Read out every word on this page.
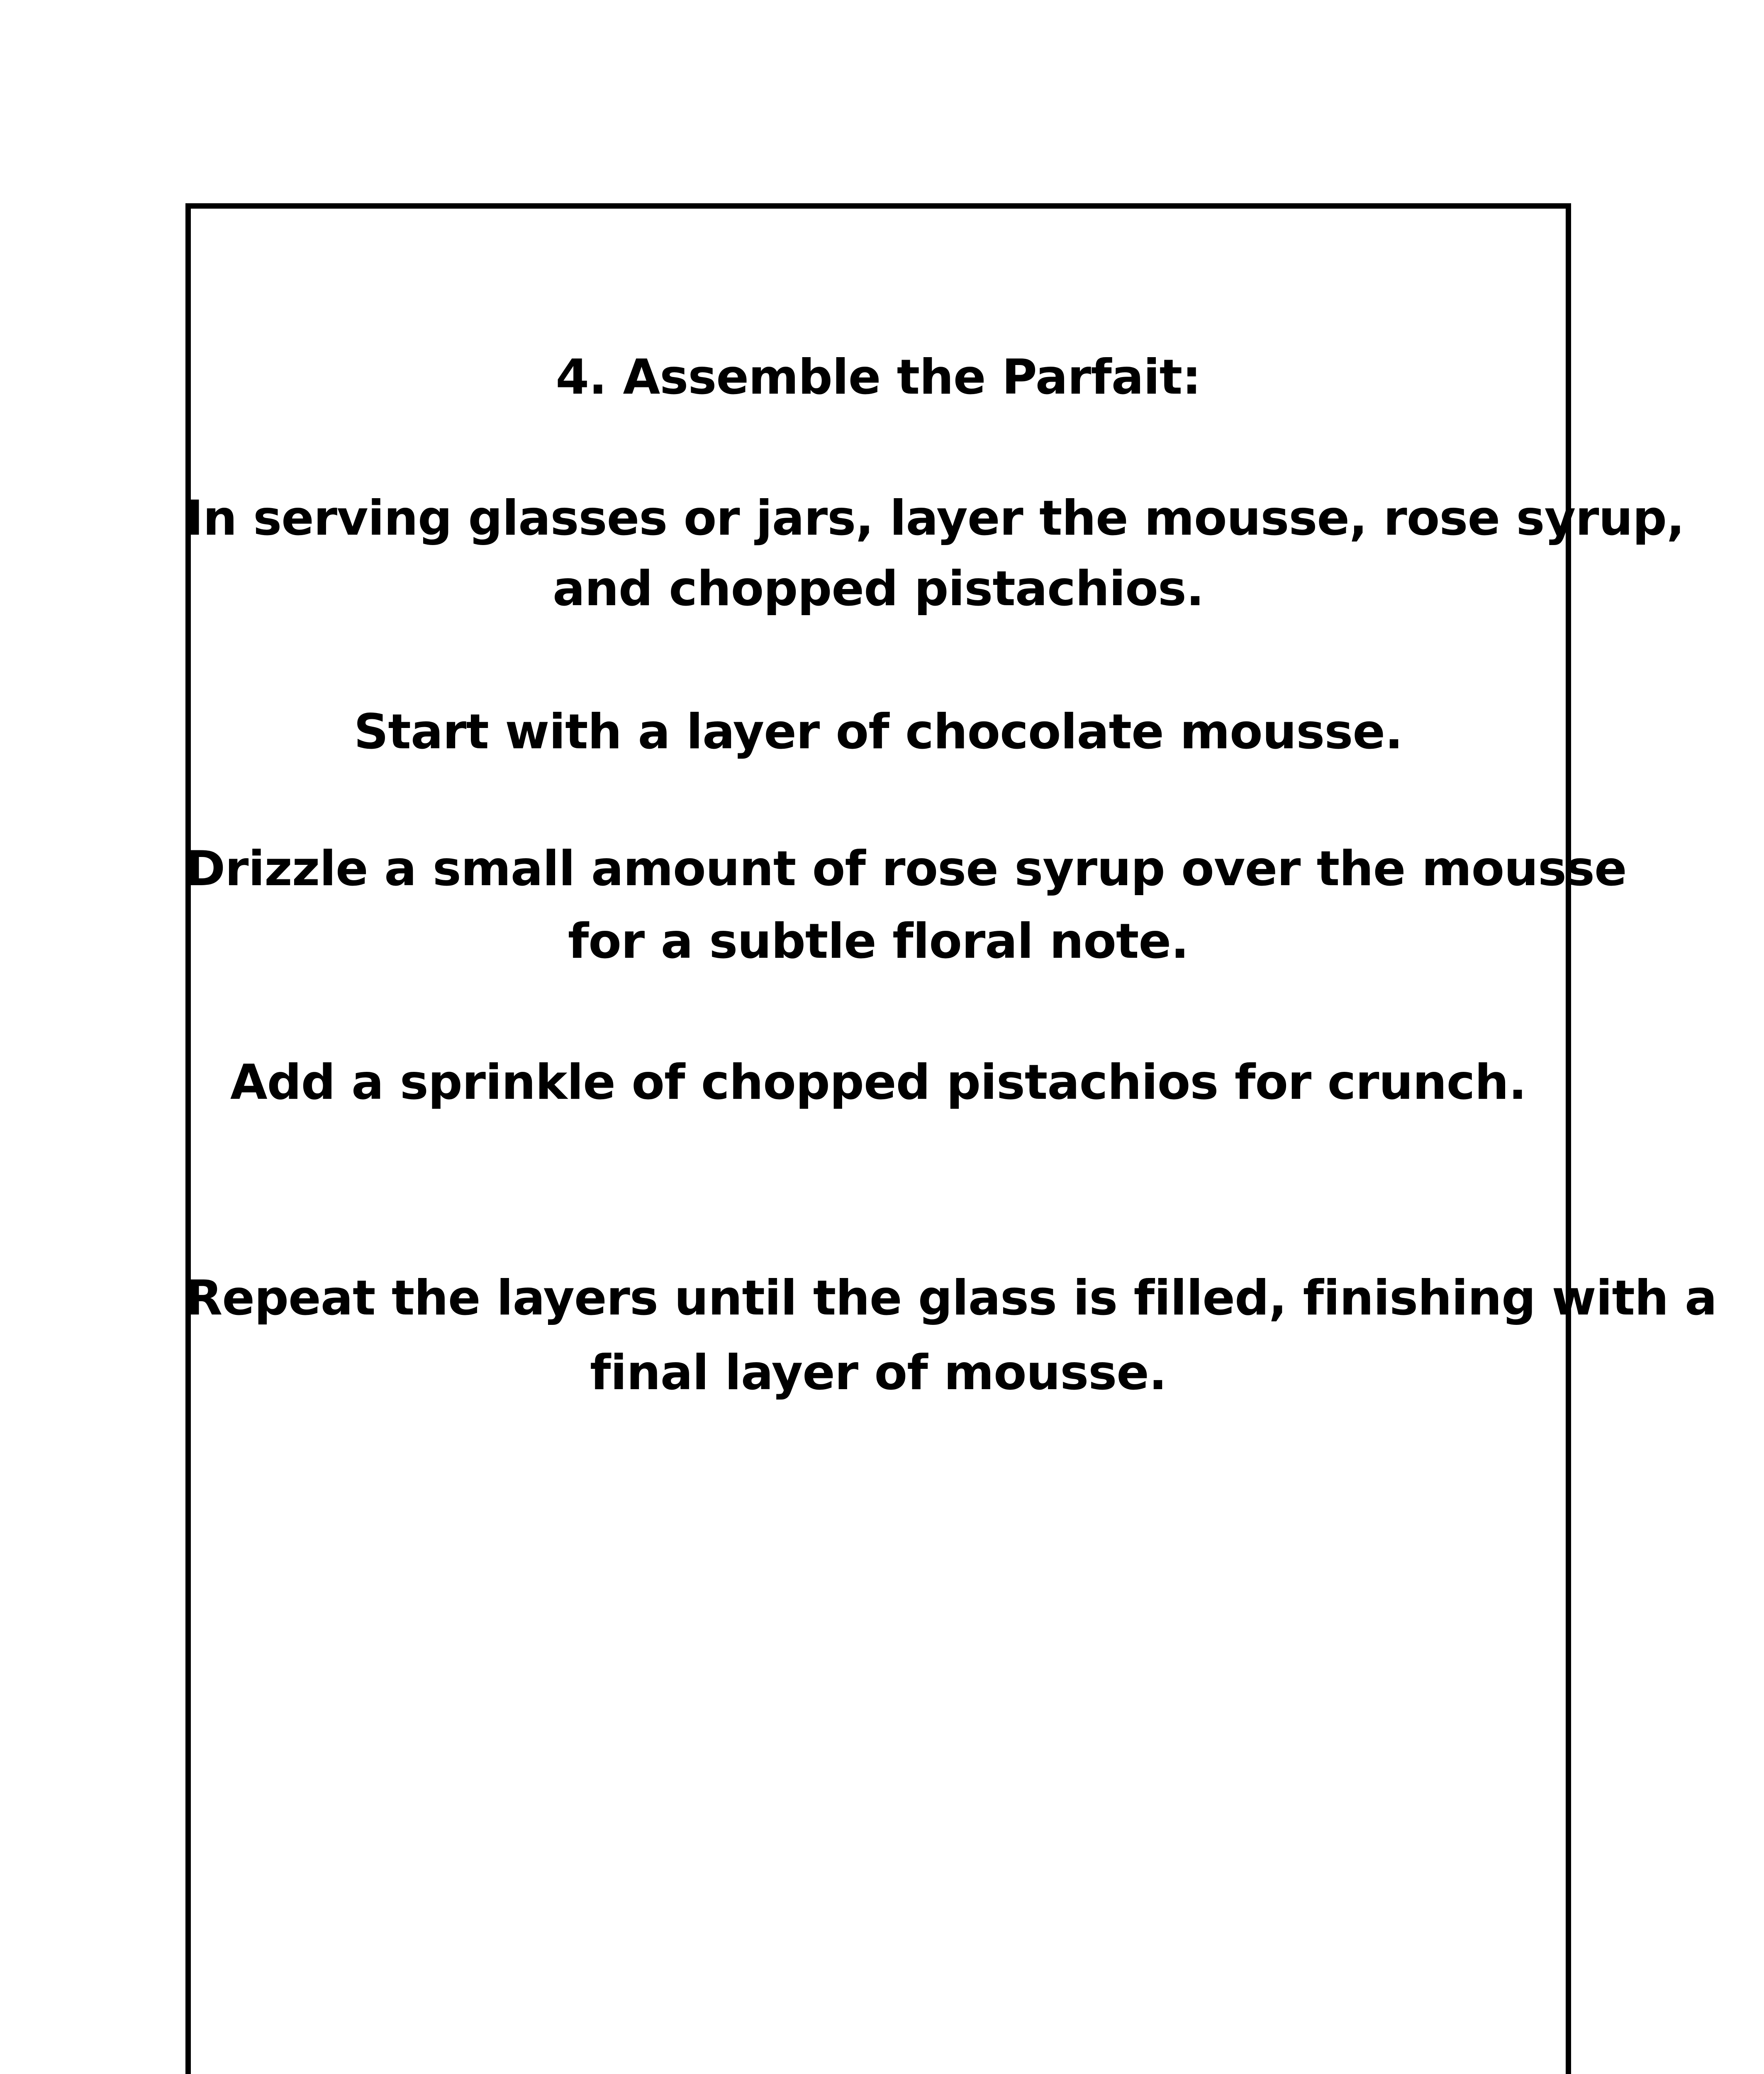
4. Assemble the Parfait:
In serving glasses or jars, layer the mousse, rose syrup,
and chopped pistachios.
Start with a layer of chocolate mousse.
Drizzle a small amount of rose syrup over the mousse
for a subtle floral note.
Add a sprinkle of chopped pistachios for crunch.
Repeat the layers until the glass is filled, finishing with a
final layer of mousse.
